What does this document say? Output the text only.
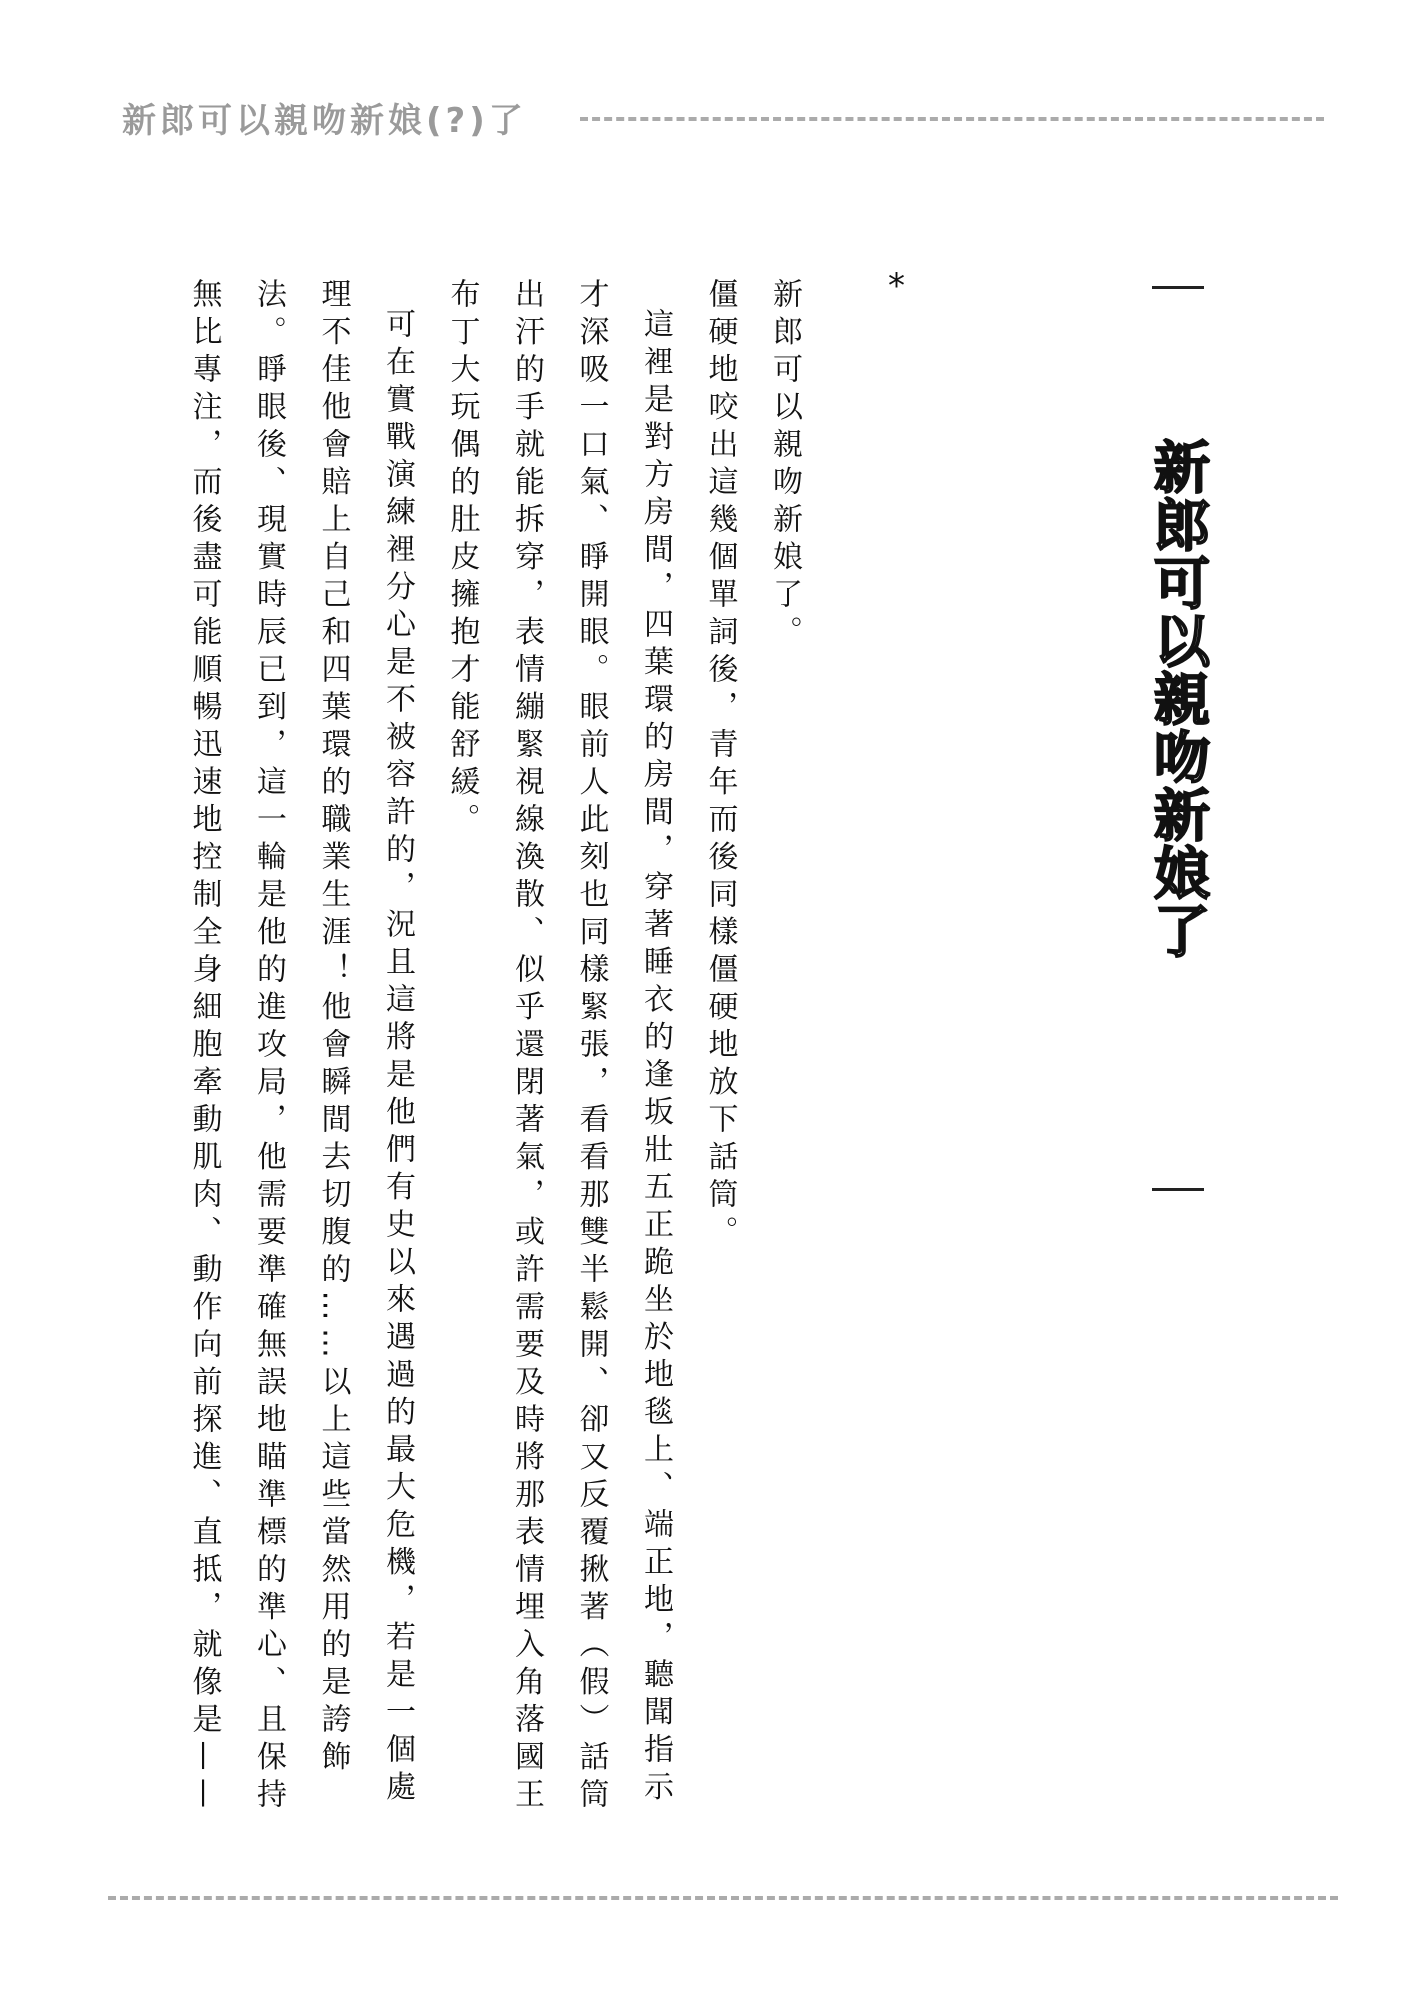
新郎可以親吻新娘(?)了
新郎可以親吻新娘了
*

新郎可以親吻新娘了。

僵硬地咬出這幾個單詞後，青年而後同樣僵硬地放下話筒。

這裡是對方房間，四葉環的房間，穿著睡衣的逢坂壯五正跪坐於地毯上、端正地，聽聞指示才深吸一口氣、睜開眼。眼前人此刻也同樣緊張，看看那雙半鬆開、卻又反覆揪著（假）話筒出汗的手就能拆穿，表情繃緊視線渙散、似乎還閉著氣，或許需要及時將那表情埋入角落國王布丁大玩偶的肚皮擁抱才能舒緩。

可在實戰演練裡分心是不被容許的，況且這將是他們有史以來遇過的最大危機，若是一個處理不佳他會賠上自己和四葉環的職業生涯！他會瞬間去切腹的……以上這些當然用的是誇飾法。睜眼後、現實時辰已到，這一輪是他的進攻局，他需要準確無誤地瞄準標的準心、且保持無比專注，而後盡可能順暢迅速地控制全身細胞牽動肌肉、動作向前探進、直抵，就像是——
